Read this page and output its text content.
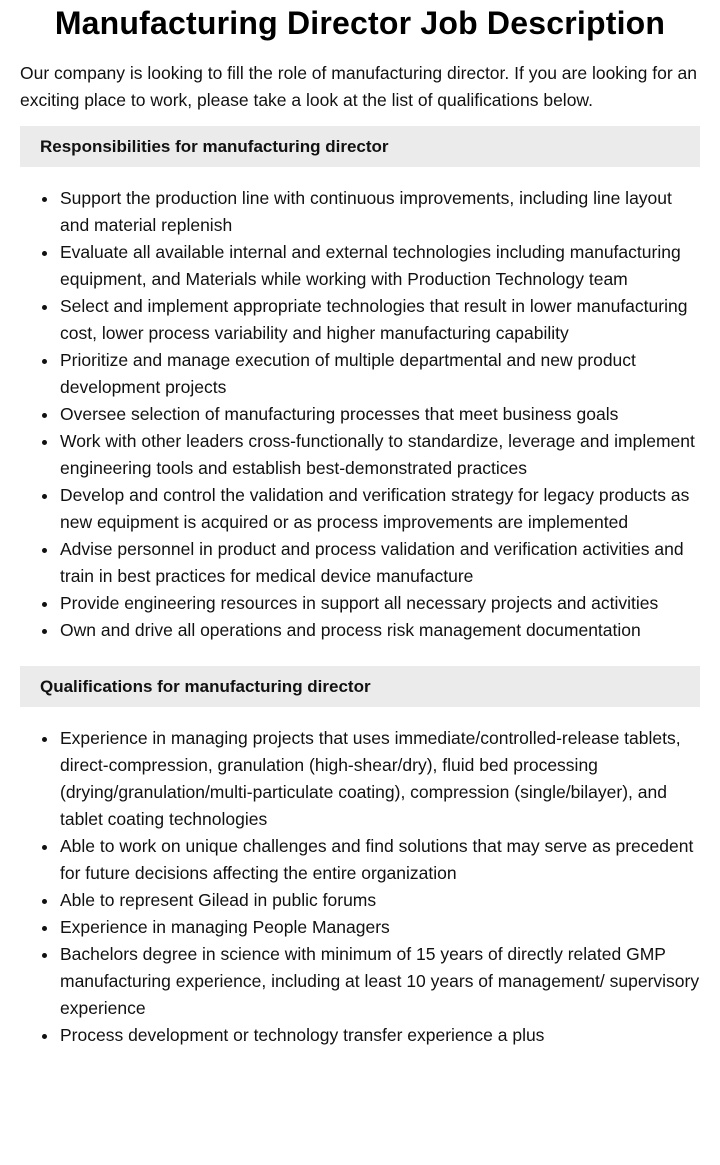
Manufacturing Director Job Description

Our company is looking to fill the role of manufacturing director. If you are looking for an exciting place to work, please take a look at the list of qualifications below.

Responsibilities for manufacturing director
Support the production line with continuous improvements, including line layout and material replenish
Evaluate all available internal and external technologies including manufacturing equipment, and Materials while working with Production Technology team
Select and implement appropriate technologies that result in lower manufacturing cost, lower process variability and higher manufacturing capability
Prioritize and manage execution of multiple departmental and new product development projects
Oversee selection of manufacturing processes that meet business goals
Work with other leaders cross-functionally to standardize, leverage and implement engineering tools and establish best-demonstrated practices
Develop and control the validation and verification strategy for legacy products as new equipment is acquired or as process improvements are implemented
Advise personnel in product and process validation and verification activities and train in best practices for medical device manufacture
Provide engineering resources in support all necessary projects and activities
Own and drive all operations and process risk management documentation
Qualifications for manufacturing director
Experience in managing projects that uses immediate/controlled-release tablets, direct-compression, granulation (high-shear/dry), fluid bed processing (drying/granulation/multi-particulate coating), compression (single/bilayer), and tablet coating technologies
Able to work on unique challenges and find solutions that may serve as precedent for future decisions affecting the entire organization
Able to represent Gilead in public forums
Experience in managing People Managers
Bachelors degree in science with minimum of 15 years of directly related GMP manufacturing experience, including at least 10 years of management/ supervisory experience
Process development or technology transfer experience a plus
